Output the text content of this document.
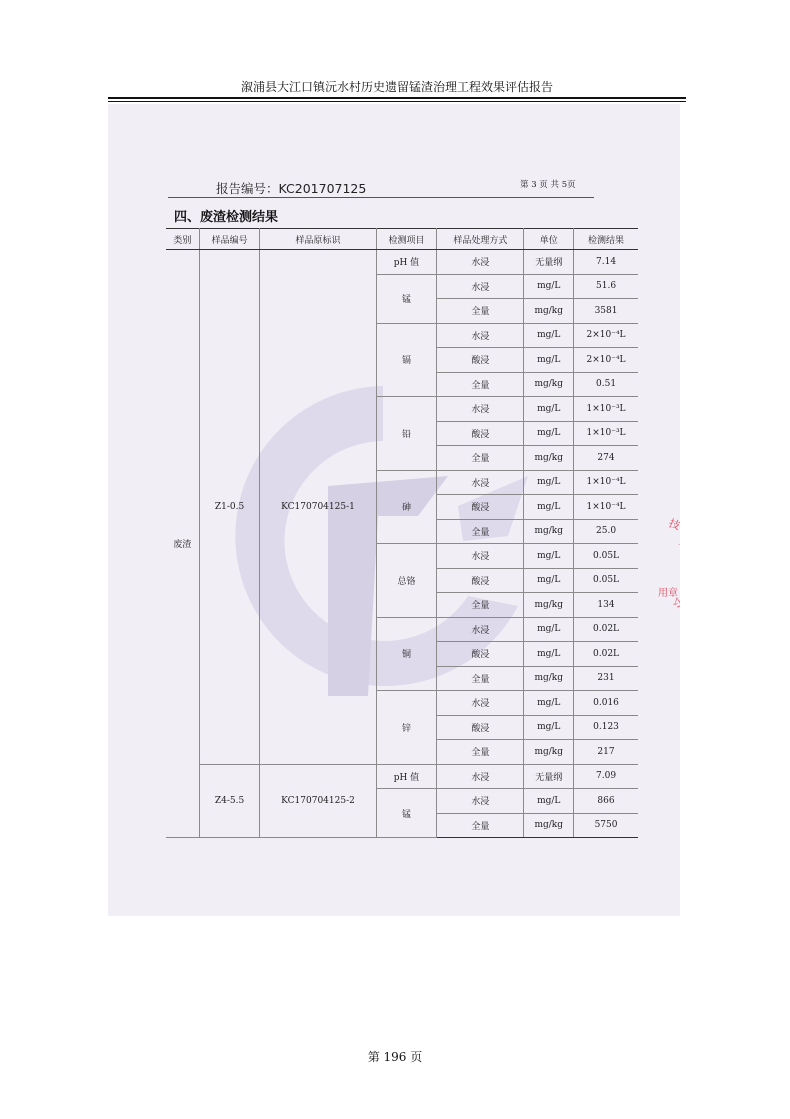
溆浦县大江口镇沅水村历史遗留锰渣治理工程效果评估报告
报告编号：KC201707125	第 3 页 共 5页
四、废渣检测结果
类别	样品编号	样品原标识	检测项目	样品处理方式	单位	检测结果
废渣	Z1-0.5	KC170704125-1	pH 值	水浸	无量纲	7.14
			锰	水浸	mg/L	51.6
				全量	mg/kg	3581
			镉	水浸	mg/L	2×10⁻⁴L
				酸浸	mg/L	2×10⁻⁴L
				全量	mg/kg	0.51
			铅	水浸	mg/L	1×10⁻³L
				酸浸	mg/L	1×10⁻³L
				全量	mg/kg	274
			砷	水浸	mg/L	1×10⁻⁴L
				酸浸	mg/L	1×10⁻⁴L
				全量	mg/kg	25.0
			总铬	水浸	mg/L	0.05L
				酸浸	mg/L	0.05L
				全量	mg/kg	134
			铜	水浸	mg/L	0.02L
				酸浸	mg/L	0.02L
				全量	mg/kg	231
			锌	水浸	mg/L	0.016
				酸浸	mg/L	0.123
				全量	mg/kg	217
	Z4-5.5	KC170704125-2	pH 值	水浸	无量纲	7.09
			锰	水浸	mg/L	866
				全量	mg/kg	5750
技
术
有
限
公
用章
第 196 页
